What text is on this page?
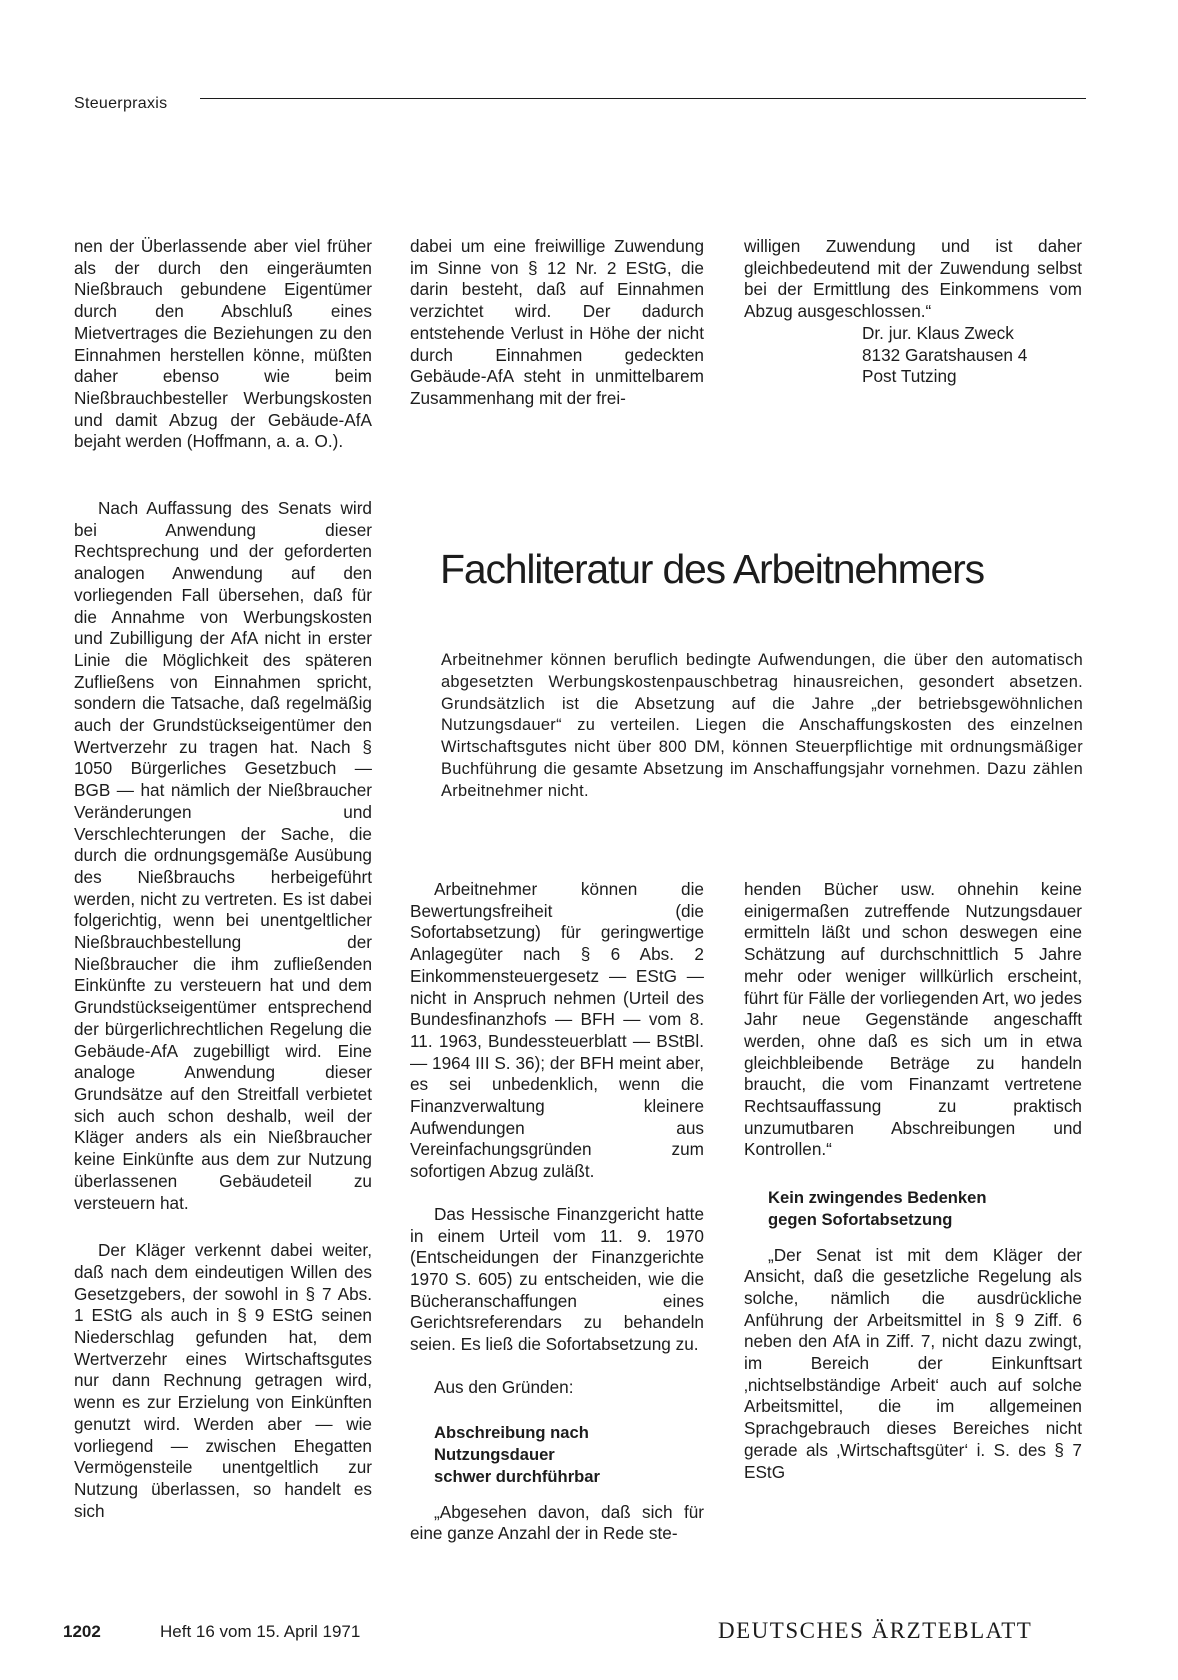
Steuerpraxis

nen der Überlassende aber viel früher als der durch den eingeräumten Nießbrauch gebundene Eigentümer durch den Abschluß eines Mietvertrages die Beziehungen zu den Einnahmen herstellen könne, müßten daher ebenso wie beim Nießbrauchbesteller Werbungskosten und damit Abzug der Gebäude-AfA bejaht werden (Hoffmann, a. a. O.).

dabei um eine freiwillige Zuwendung im Sinne von § 12 Nr. 2 EStG, die darin besteht, daß auf Einnahmen verzichtet wird. Der dadurch entstehende Verlust in Höhe der nicht durch Einnahmen gedeckten Gebäude-AfA steht in unmittelbarem Zusammenhang mit der frei-

willigen Zuwendung und ist daher gleichbedeutend mit der Zuwendung selbst bei der Ermittlung des Einkommens vom Abzug ausgeschlossen.“

Dr. jur. Klaus Zweck

8132 Garatshausen 4

Post Tutzing

Nach Auffassung des Senats wird bei Anwendung dieser Rechtsprechung und der geforderten analogen Anwendung auf den vorliegenden Fall übersehen, daß für die Annahme von Werbungskosten und Zubilligung der AfA nicht in erster Linie die Möglichkeit des späteren Zufließens von Einnahmen spricht, sondern die Tatsache, daß regelmäßig auch der Grundstückseigentümer den Wertverzehr zu tragen hat. Nach § 1050 Bürgerliches Gesetzbuch — BGB — hat nämlich der Nießbraucher Veränderungen und Verschlechterungen der Sache, die durch die ordnungsgemäße Ausübung des Nießbrauchs herbeigeführt werden, nicht zu vertreten. Es ist dabei folgerichtig, wenn bei unentgeltlicher Nießbrauchbestellung der Nießbraucher die ihm zufließenden Einkünfte zu versteuern hat und dem Grundstückseigentümer entsprechend der bürgerlichrechtlichen Regelung die Gebäude-AfA zugebilligt wird. Eine analoge Anwendung dieser Grundsätze auf den Streitfall verbietet sich auch schon deshalb, weil der Kläger anders als ein Nießbraucher keine Einkünfte aus dem zur Nutzung überlassenen Gebäudeteil zu versteuern hat.

Der Kläger verkennt dabei weiter, daß nach dem eindeutigen Willen des Gesetzgebers, der sowohl in § 7 Abs. 1 EStG als auch in § 9 EStG seinen Niederschlag gefunden hat, dem Wertverzehr eines Wirtschaftsgutes nur dann Rechnung getragen wird, wenn es zur Erzielung von Einkünften genutzt wird. Werden aber — wie vorliegend — zwischen Ehegatten Vermögensteile unentgeltlich zur Nutzung überlassen, so handelt es sich

Fachliteratur des Arbeitnehmers

Arbeitnehmer können beruflich bedingte Aufwendungen, die über den automatisch abgesetzten Werbungskostenpauschbetrag hinausreichen, gesondert absetzen. Grundsätzlich ist die Absetzung auf die Jahre „der betriebsgewöhnlichen Nutzungsdauer“ zu verteilen. Liegen die Anschaffungskosten des einzelnen Wirtschaftsgutes nicht über 800 DM, können Steuerpflichtige mit ordnungsmäßiger Buchführung die gesamte Absetzung im Anschaffungsjahr vornehmen. Dazu zählen Arbeitnehmer nicht.

Arbeitnehmer können die Bewertungsfreiheit (die Sofortabsetzung) für geringwertige Anlagegüter nach § 6 Abs. 2 Einkommensteuergesetz — EStG — nicht in Anspruch nehmen (Urteil des Bundesfinanzhofs — BFH — vom 8. 11. 1963, Bundessteuerblatt — BStBl. — 1964 III S. 36); der BFH meint aber, es sei unbedenklich, wenn die Finanzverwaltung kleinere Aufwendungen aus Vereinfachungsgründen zum sofortigen Abzug zuläßt.

Das Hessische Finanzgericht hatte in einem Urteil vom 11. 9. 1970 (Entscheidungen der Finanzgerichte 1970 S. 605) zu entscheiden, wie die Bücheranschaffungen eines Gerichtsreferendars zu behandeln seien. Es ließ die Sofortabsetzung zu.

Aus den Gründen:

Abschreibung nach

Nutzungsdauer

schwer durchführbar

„Abgesehen davon, daß sich für eine ganze Anzahl der in Rede ste-

henden Bücher usw. ohnehin keine einigermaßen zutreffende Nutzungsdauer ermitteln läßt und schon deswegen eine Schätzung auf durchschnittlich 5 Jahre mehr oder weniger willkürlich erscheint, führt für Fälle der vorliegenden Art, wo jedes Jahr neue Gegenstände angeschafft werden, ohne daß es sich um in etwa gleichbleibende Beträge zu handeln braucht, die vom Finanzamt vertretene Rechtsauffassung zu praktisch unzumutbaren Abschreibungen und Kontrollen.“

Kein zwingendes Bedenken

gegen Sofortabsetzung

„Der Senat ist mit dem Kläger der Ansicht, daß die gesetzliche Regelung als solche, nämlich die ausdrückliche Anführung der Arbeitsmittel in § 9 Ziff. 6 neben den AfA in Ziff. 7, nicht dazu zwingt, im Bereich der Einkunftsart ‚nichtselbständige Arbeit‘ auch auf solche Arbeitsmittel, die im allgemeinen Sprachgebrauch dieses Bereiches nicht gerade als ‚Wirtschaftsgüter‘ i. S. des § 7 EStG

1202	Heft 16 vom 15. April 1971	DEUTSCHES ÄRZTEBLATT
